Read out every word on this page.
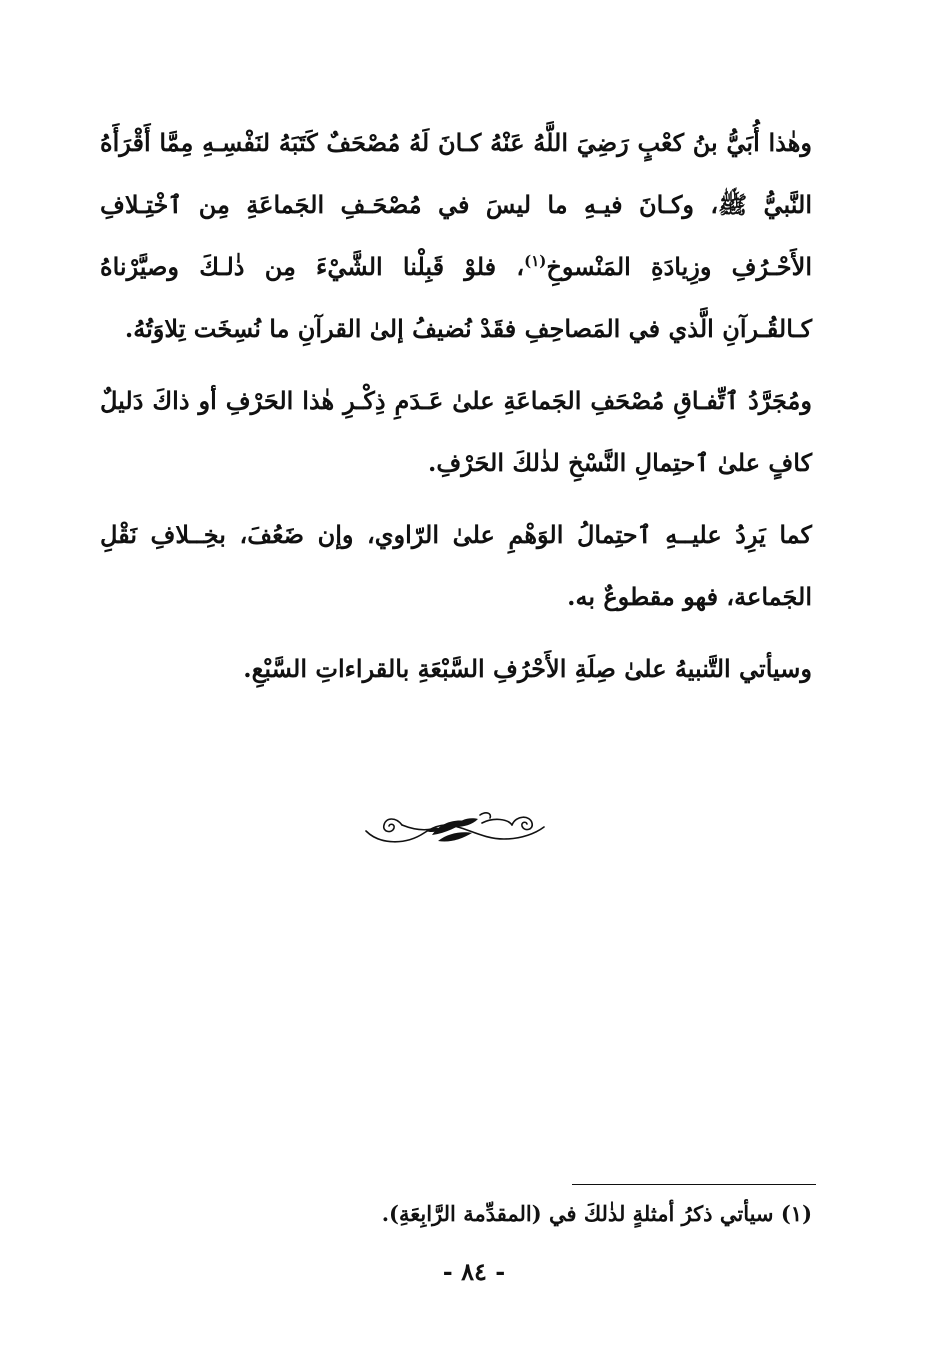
وهٰذا أُبَيُّ بنُ كعْبٍ رَضِيَ اللَّهُ عَنْهُ كـانَ لَهُ مُصْحَفٌ كَتَبَهُ لنَفْسِـهِ مِمَّا أَقْرَأَهُ النَّبيُّ ﷺ، وكـانَ فيـهِ ما ليسَ في مُصْحَـفِ الجَماعَةِ مِن ٱخْتِـلافِ الأَحْـرُفِ وزِيادَةِ المَنْسوخِ$^{(١)}$، فلوْ قَبِلْنا الشَّيْءَ مِن ذٰلـكَ وصيَّرْناهُ كـالقُـرآنِ الَّذي في المَصاحِفِ فقَدْ نُضيفُ إلىٰ القرآنِ ما نُسِخَت تِلاوَتُهُ.

ومُجَرَّدُ ٱتِّفـاقِ مُصْحَفِ الجَماعَةِ علىٰ عَـدَمِ ذِكْـرِ هٰذا الحَرْفِ أو ذاكَ دَليلٌ كافٍ علىٰ ٱحتِمالِ النَّسْخِ لذٰلكَ الحَرْفِ.

كما يَرِدُ عليــهِ ٱحتِمالُ الوَهْمِ علىٰ الرّاوي، وإن ضَعُفَ، بخِــلافِ نَقْلِ الجَماعة، فهو مقطوعٌ به.

وسيأتي التَّنبيهُ علىٰ صِلَةِ الأَحْرُفِ السَّبْعَةِ بالقراءاتِ السَّبْعِ.

(١) سيأتي ذكرُ أمثلةٍ لذٰلكَ في (المقدِّمة الرَّابِعَةِ).
- ٨٤ -
